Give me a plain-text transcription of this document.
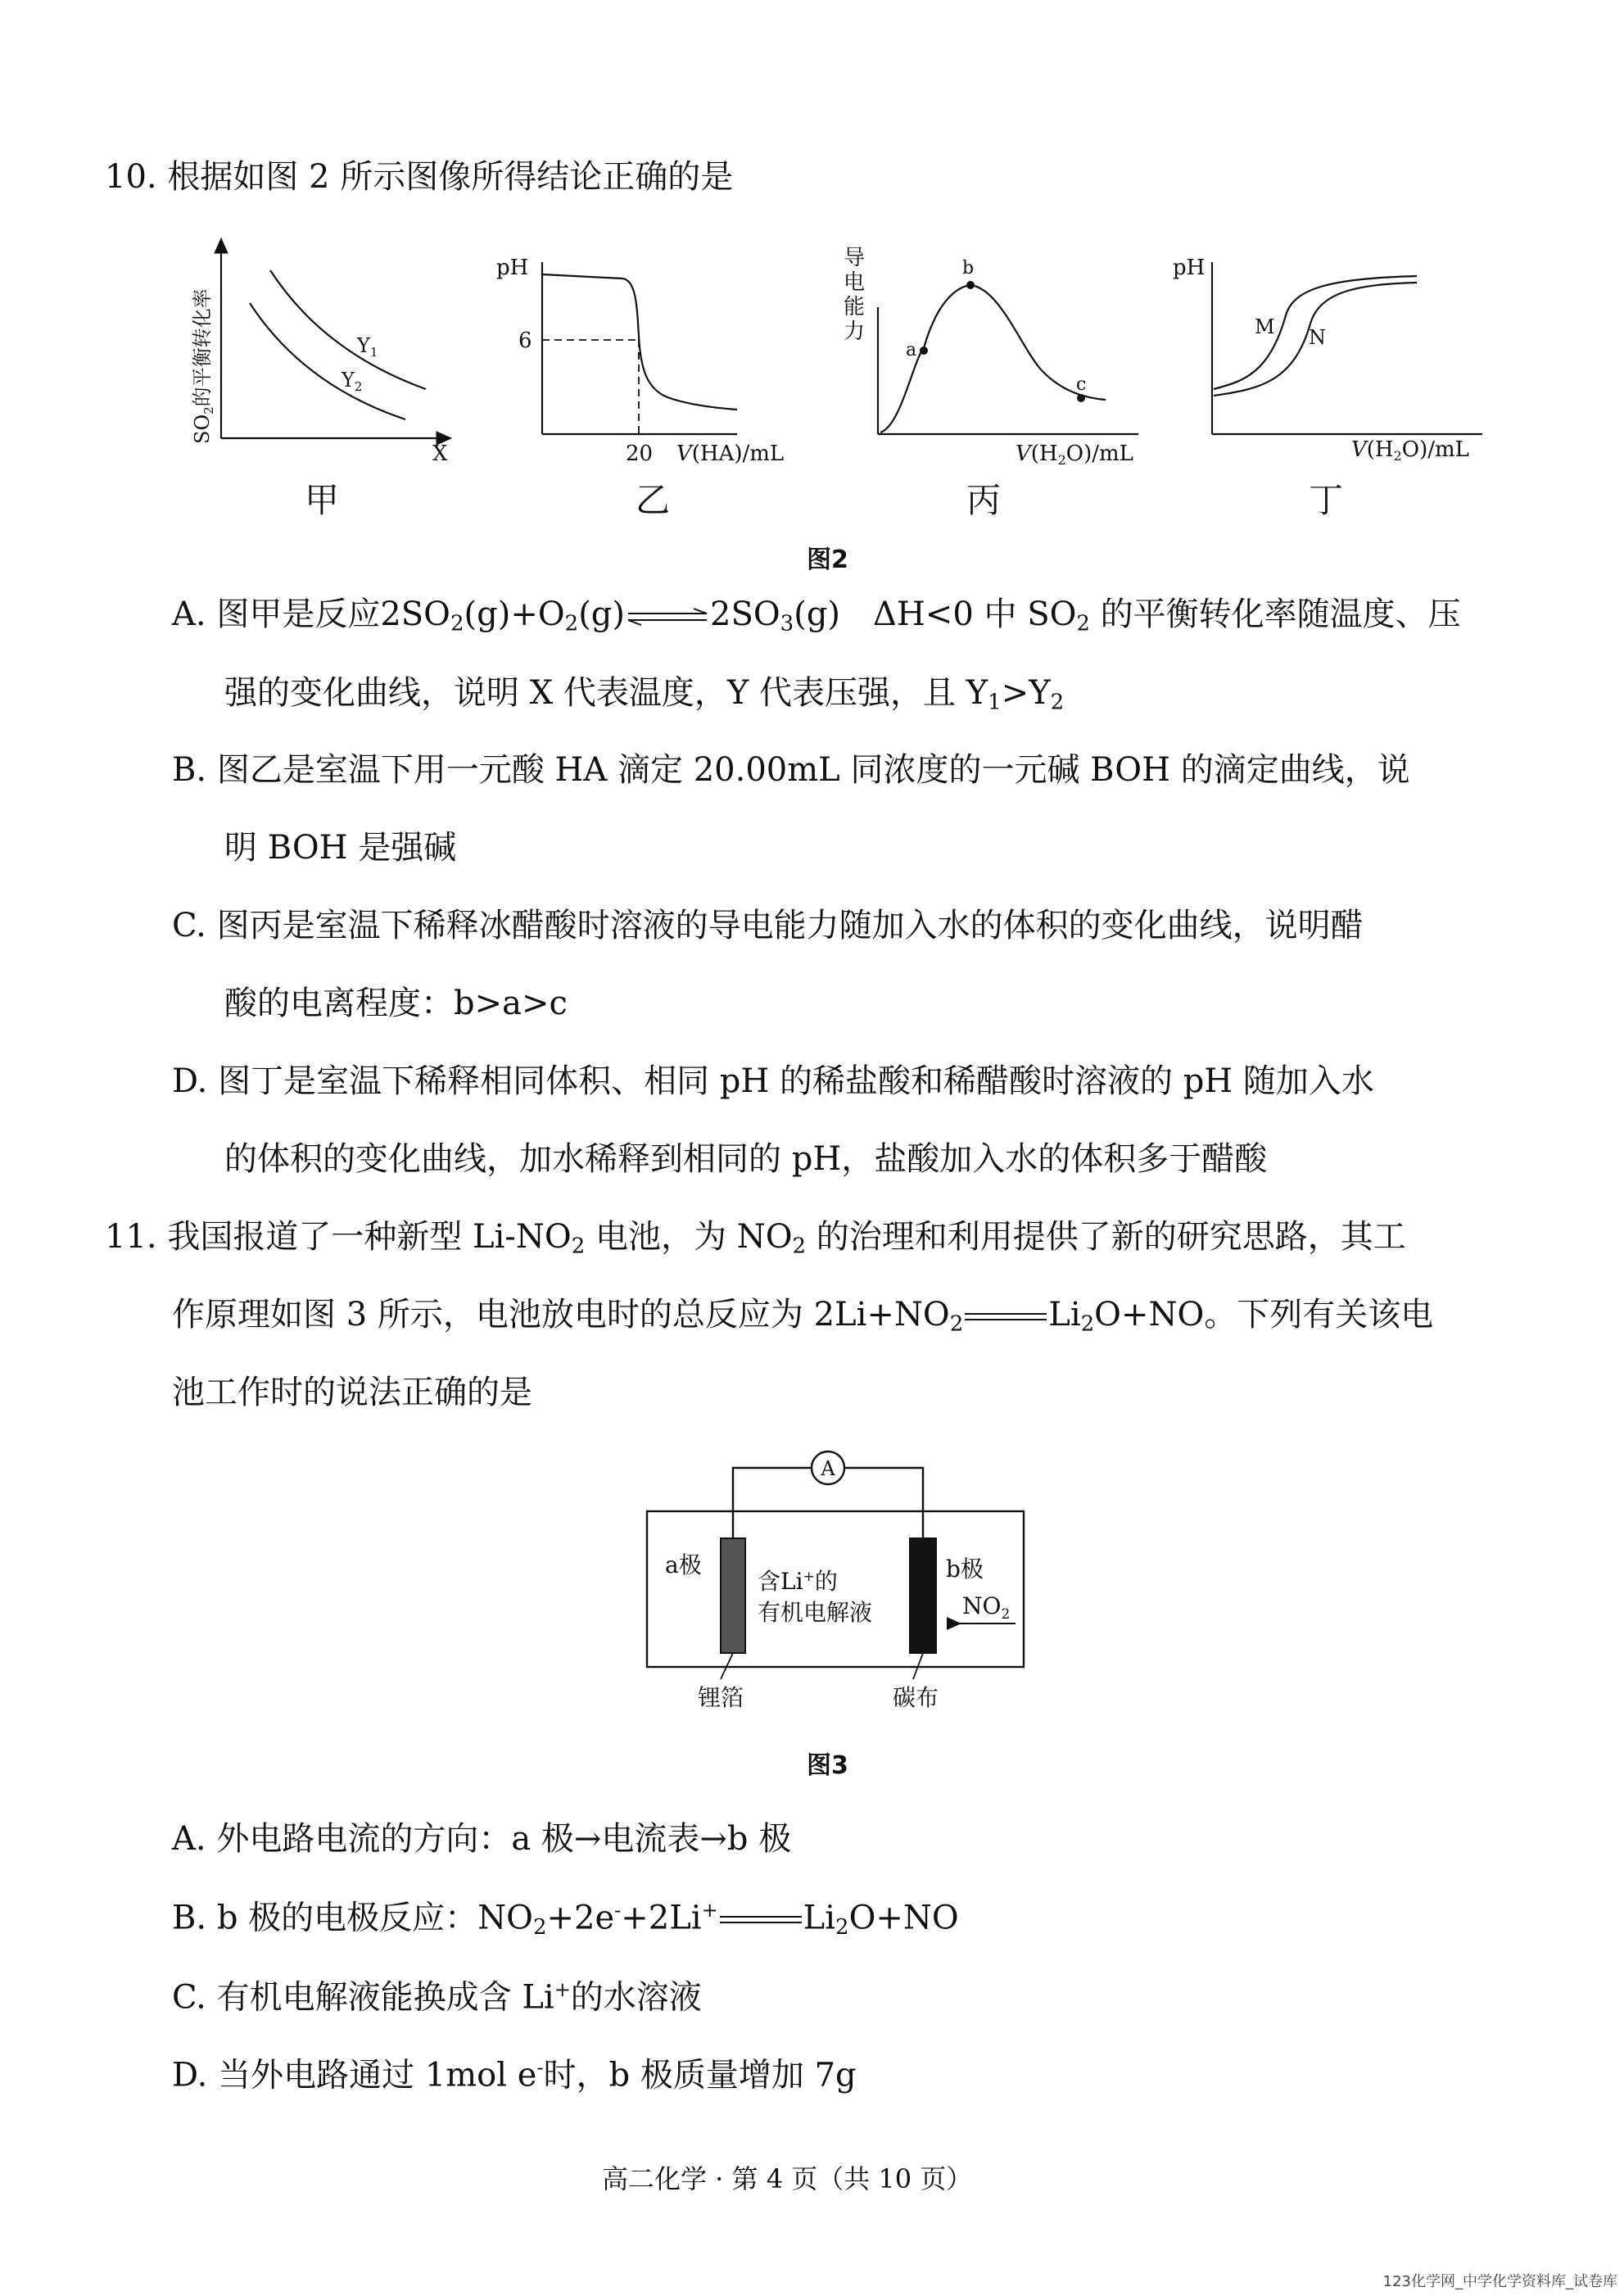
10. 根据如图 2 所示图像所得结论正确的是
$Y_1$
$Y_2$
X
$SO_2$的平衡转化率
甲
pH
6
20 V(HA)/mL
乙
a
b
c
V(H2O)/mL
导电能力
丙
pH
M N
V(H2O)/mL
丁
图2
A. 图甲是反应$2SO_2(g)+O_2(g)$ ⇌ $2SO_3(g)$　ΔH<0 中 $SO_2$ 的平衡转化率随温度、压
强的变化曲线，说明 X 代表温度，Y 代表压强，且 $Y_1>Y_2$
B. 图乙是室温下用一元酸 HA 滴定 20.00mL 同浓度的一元碱 BOH 的滴定曲线，说
明 BOH 是强碱
C. 图丙是室温下稀释冰醋酸时溶液的导电能力随加入水的体积的变化曲线，说明醋
酸的电离程度：b>a>c
D. 图丁是室温下稀释相同体积、相同 pH 的稀盐酸和稀醋酸时溶液的 pH 随加入水
的体积的变化曲线，加水稀释到相同的 pH，盐酸加入水的体积多于醋酸
11. 我国报道了一种新型 $Li-NO_2$ 电池，为 $NO_2$ 的治理和利用提供了新的研究思路，其工
作原理如图 3 所示，电池放电时的总反应为 $2Li+NO_2$	$Li_2O+NO$。下列有关该电
池工作时的说法正确的是
A
a极	b极
含Li+的
有机电解液	$NO_2$
锂箔	碳布
图3
A. 外电路电流的方向：a 极→电流表→b 极
B. b 极的电极反应：$NO_2+2e^-+2Li^+$	$Li_2O+NO$
C. 有机电解液能换成含 Li+的水溶液
D. 当外电路通过 1mol e-时，b 极质量增加 7g
高二化学 · 第 4 页（共 10 页）
123化学网_中学化学资料库_试卷库
